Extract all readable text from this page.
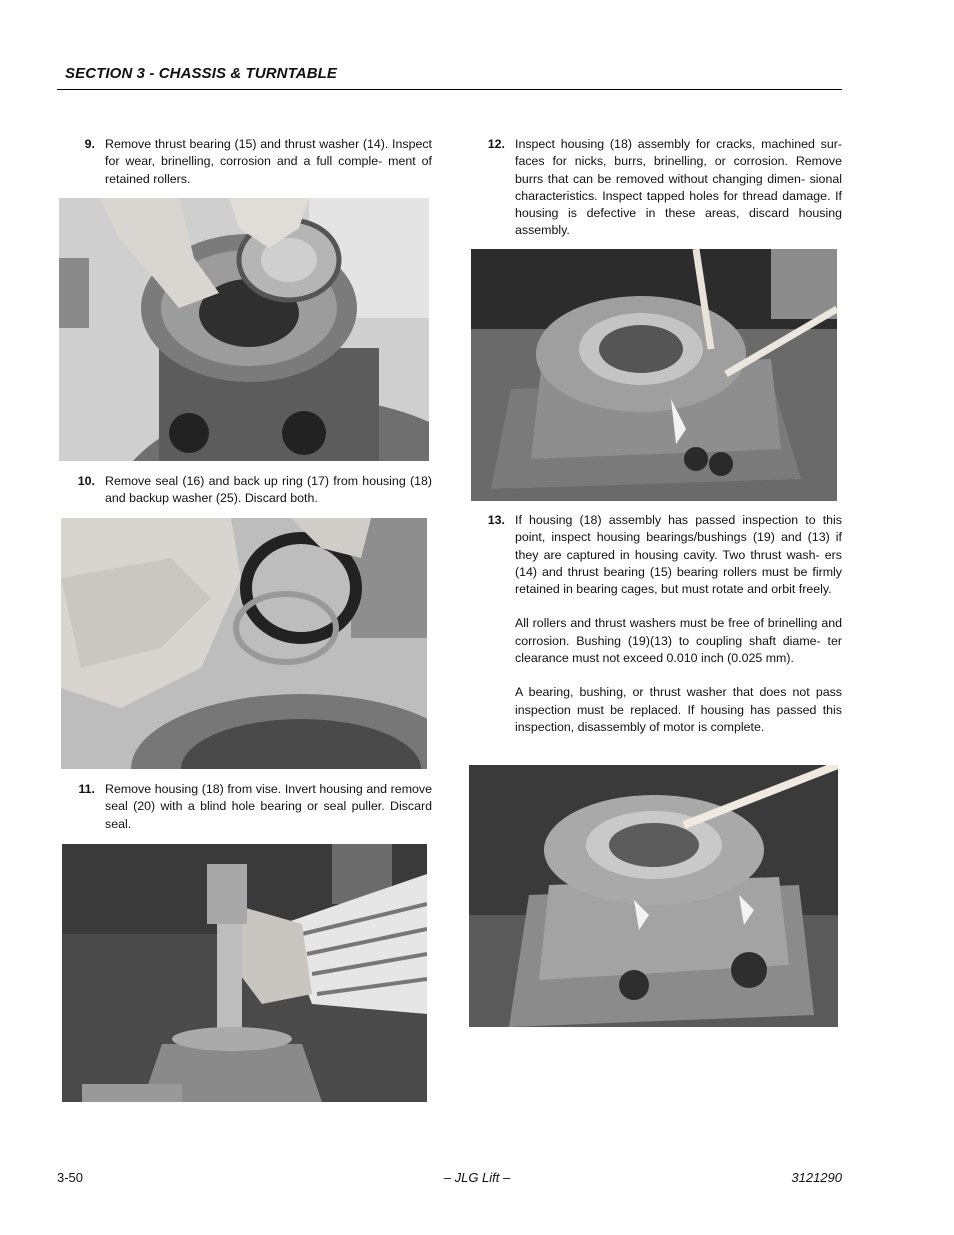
SECTION 3 - CHASSIS & TURNTABLE
9. Remove thrust bearing (15) and thrust washer (14). Inspect for wear, brinelling, corrosion and a full comple- ment of retained rollers.

10. Remove seal (16) and back up ring (17) from housing (18) and backup washer (25). Discard both.

11. Remove housing (18) from vise. Invert housing and remove seal (20) with a blind hole bearing or seal puller. Discard seal.

12. Inspect housing (18) assembly for cracks, machined sur- faces for nicks, burrs, brinelling, or corrosion. Remove burrs that can be removed without changing dimen- sional characteristics. Inspect tapped holes for thread damage. If housing is defective in these areas, discard housing assembly.

13. If housing (18) assembly has passed inspection to this point, inspect housing bearings/bushings (19) and (13) if they are captured in housing cavity. Two thrust wash- ers (14) and thrust bearing (15) bearing rollers must be firmly retained in bearing cages, but must rotate and orbit freely.

All rollers and thrust washers must be free of brinelling and corrosion. Bushing (19)(13) to coupling shaft diame- ter clearance must not exceed 0.010 inch (0.025 mm).

A bearing, bushing, or thrust washer that does not pass inspection must be replaced. If housing has passed this inspection, disassembly of motor is complete.

3-50	– JLG Lift –	3121290
